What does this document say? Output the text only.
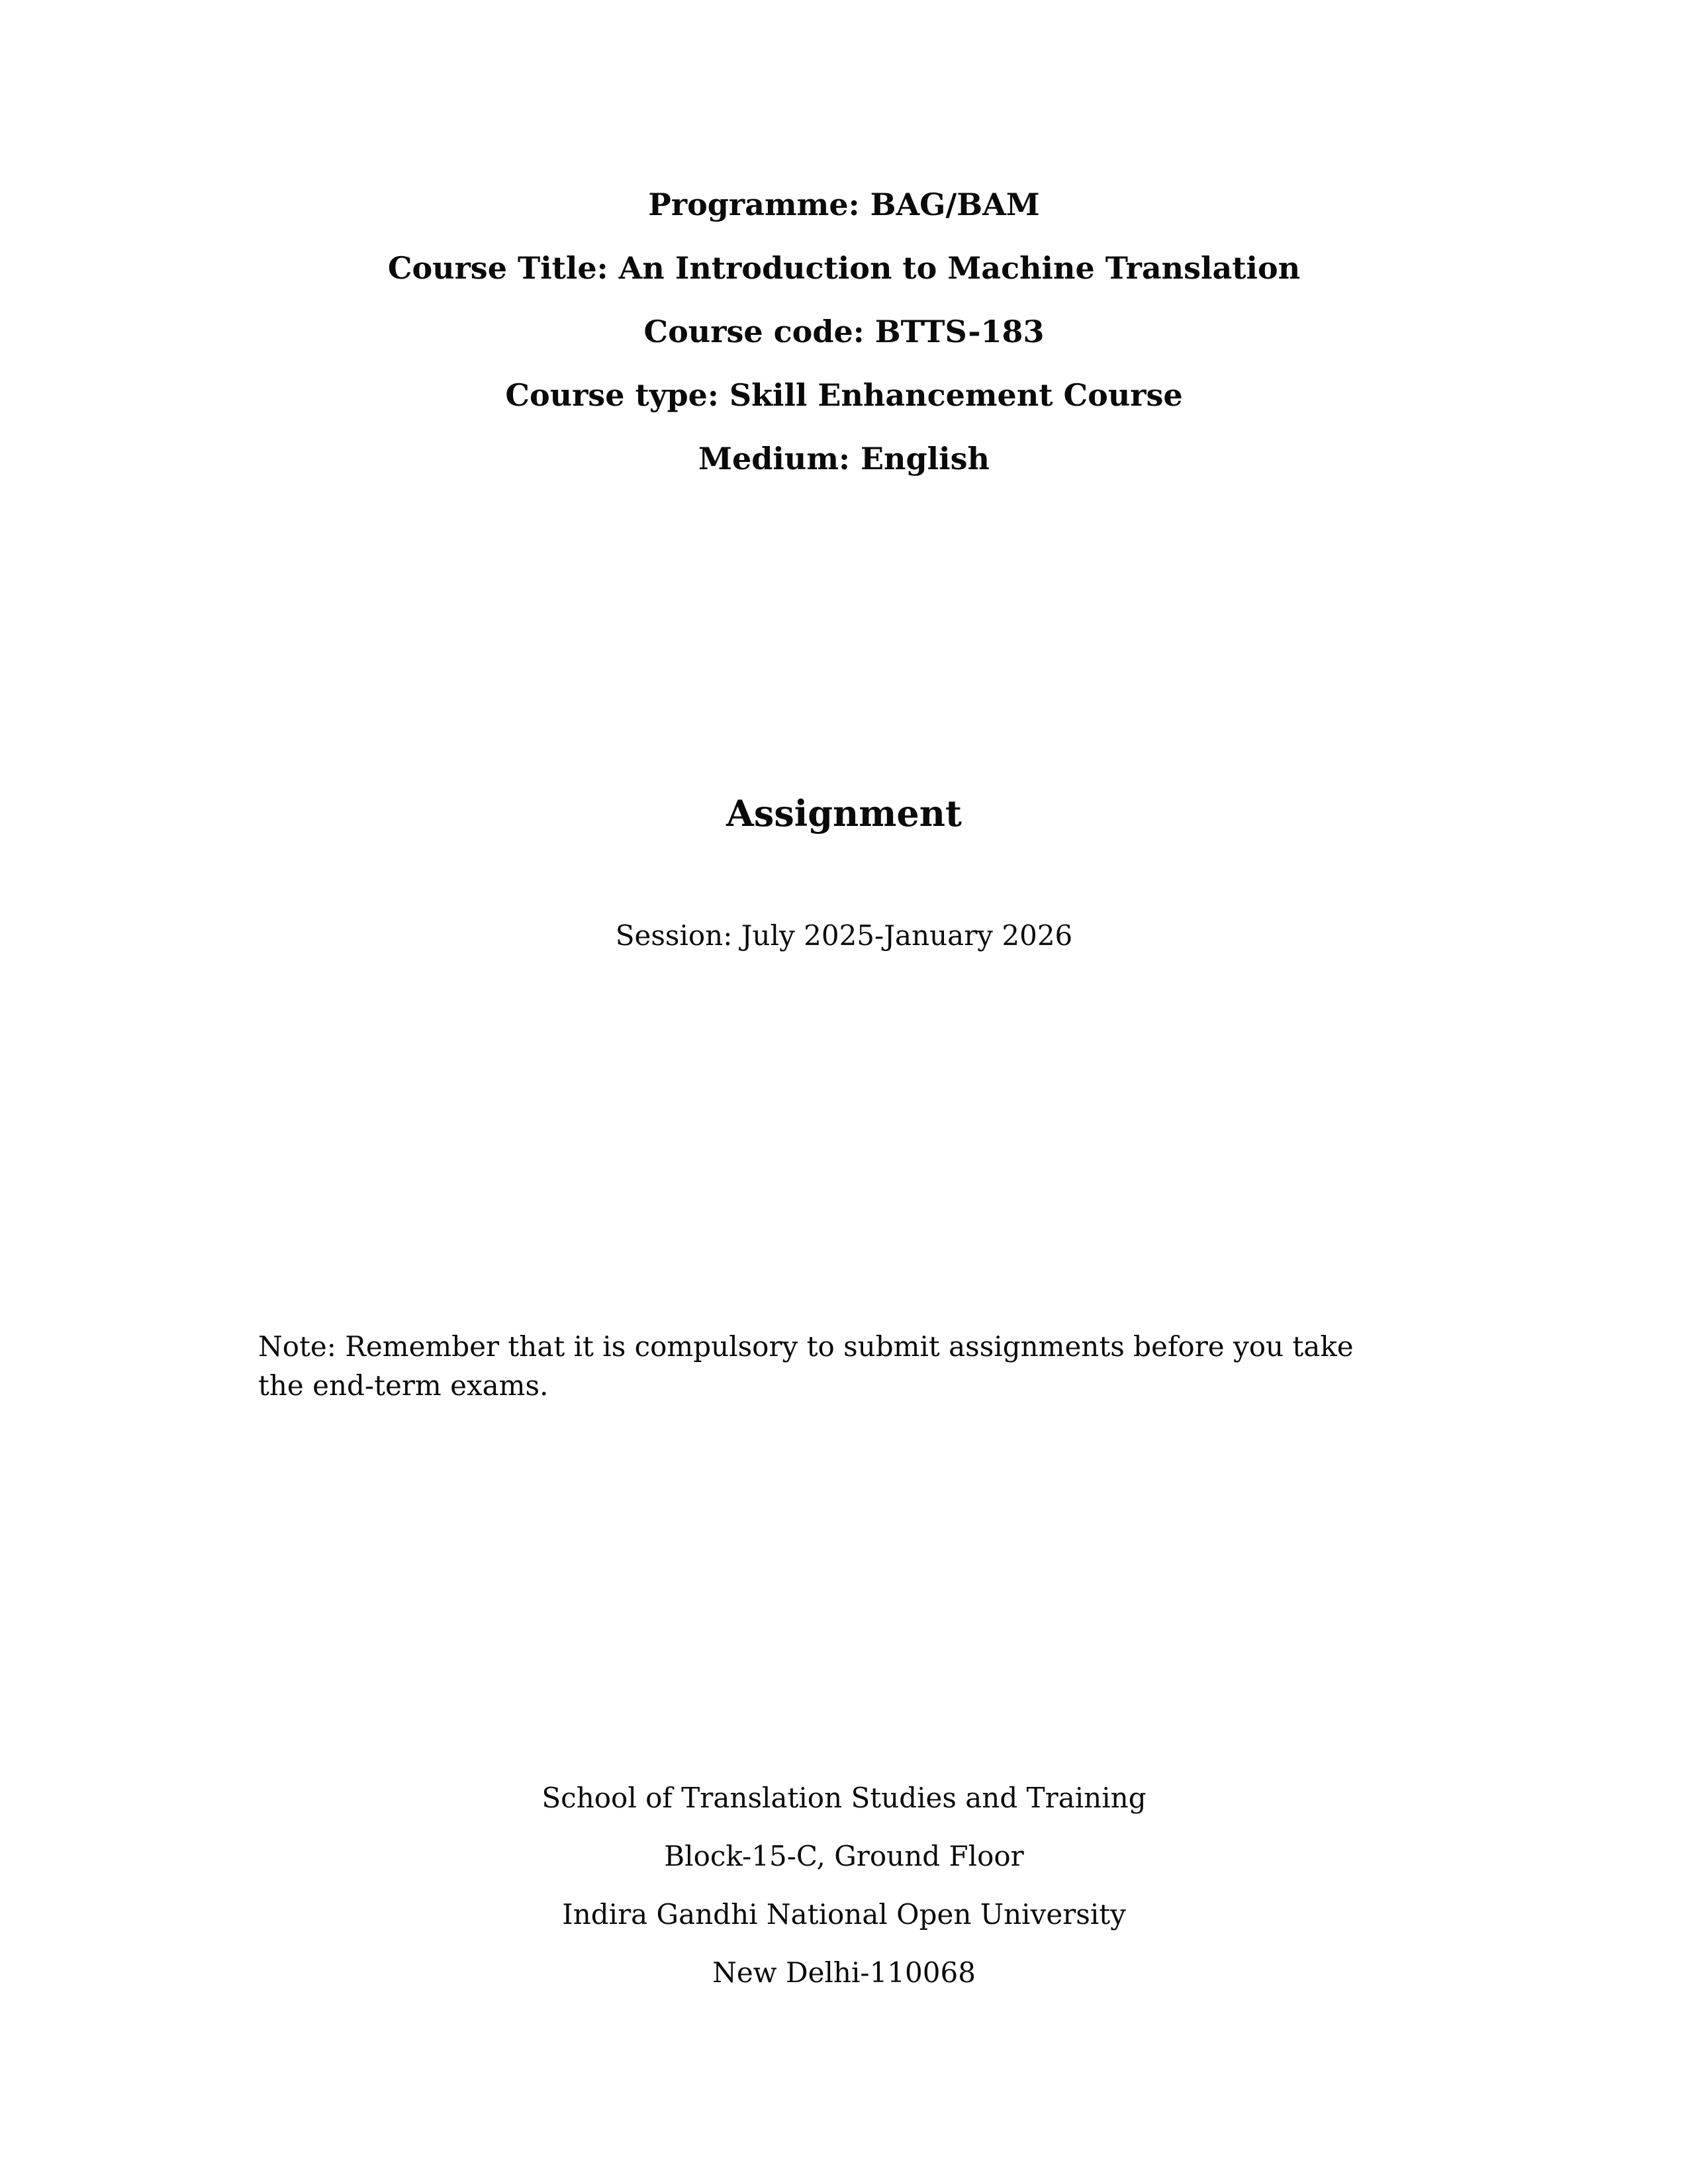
Programme: BAG/BAM

Course Title: An Introduction to Machine Translation

Course code: BTTS-183

Course type: Skill Enhancement Course

Medium: English

Assignment
Session: July 2025-January 2026
Note: Remember that it is compulsory to submit assignments before you take the end-term exams.

School of Translation Studies and Training

Block-15-C, Ground Floor

Indira Gandhi National Open University

New Delhi-110068
